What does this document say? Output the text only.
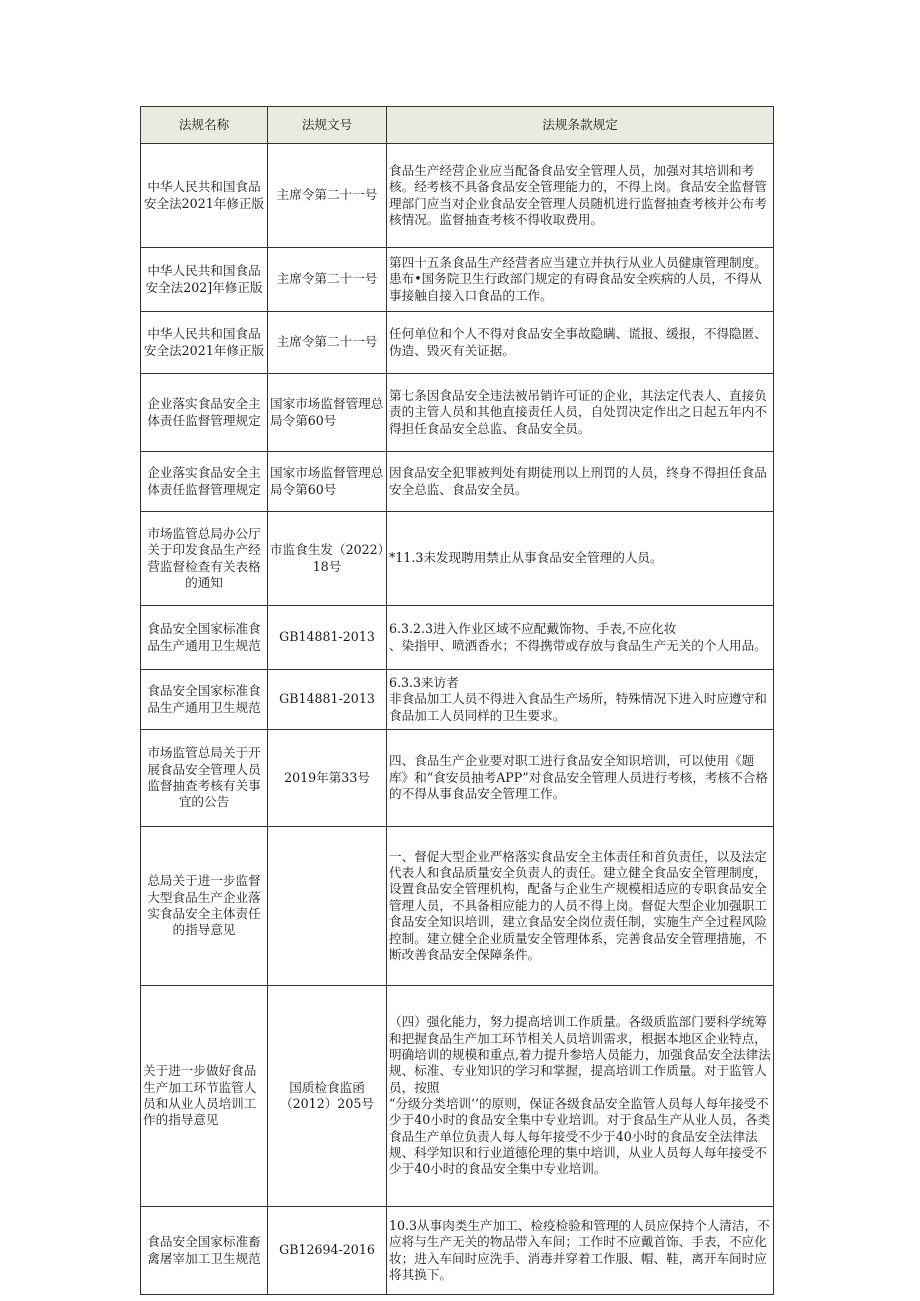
法规名称	法规文号	法规条款规定
中华人民共和国食品安全法2021年修正版	主席令第二十一号	食品生产经营企业应当配备食品安全管理人员，加强对其培训和考核。经考核不具备食品安全管理能力的，不得上岗。食品安全监督管理部门应当对企业食品安全管理人员随机进行监督抽查考核并公布考核情况。监督抽查考核不得收取费用。
中华人民共和国食品安全法202]年修正版	主席令第二十一号	第四十五条食品生产经营者应当建立并执行从业人员健康管理制度。患布•国务院卫生行政部门规定的有碍食品安全疾病的人员，不得从事接触自接入口食品的工作。
中华人民共和国食品安全法2021年修正版	主席令第二十一号	任何单位和个人不得对食品安全事故隐瞒、谎报、缓报，不得隐匿、伪造、毁灭有关证据。
企业落实食品安全主体责任监督管理规定	国家市场监督管理总局令第60号	第七条因食品安全违法被吊销许可证的企业，其法定代表人、直接负责的主管人员和其他直接责任人员，自处罚决定作出之日起五年内不得担任食品安全总监、食品安全员。
企业落实食品安全主体责任监督管理规定	国家市场监督管理总局令第60号	因食品安全犯罪被判处有期徒刑以上刑罚的人员，终身不得担任食品安全总监、食品安全员。
市场监管总局办公厅关于印发食品生产经营监督检查有关表格的通知	市监食生发（2022）18号	*11.3未发现聘用禁止从事食品安全管理的人员。
食品安全国家标准食品生产通用卫生规范	GB14881-2013	6.3.2.3进入作业区域不应配戴饰物、手表,不应化妆
、染指甲、喷洒香水；不得携带或存放与食品生产无关的个人用品。
食品安全国家标准食品生产通用卫生规范	GB14881-2013	6.3.3来访者
非食品加工人员不得进入食品生产场所，特殊情况下进入时应遵守和食品加工人员同样的卫生要求。
市场监管总局关于开展食品安全管理人员监督抽查考核有关事宜的公告	2019年第33号	四、食品生产企业要对职工进行食品安全知识培训，可以使用《题库》和“食安员抽考APP”对食品安全管理人员进行考核，考核不合格的不得从事食品安全管理工作。
总局关于进一步监督大型食品生产企业落实食品安全主体责任的指导意见		一、督促大型企业严格落实食品安全主体责任和首负责任，以及法定代表人和食品质量安全负责人的责任。建立健全食品安全管理制度，设置食品安全管理机构，配备与企业生产规模相适应的专职食品安全管理人员，不具备相应能力的人员不得上岗。督促大型企业加强职工食品安全知识培训，建立食品安全岗位责任制，实施生产全过程风险控制。建立健全企业质量安全管理体系，完善食品安全管理措施，不断改善食品安全保障条件。
关于进一步做好食品生产加工环节监管人员和从业人员培训工作的指导意见	国质检食监函（2012）205号	（四）强化能力，努力提高培训工作质量。各级质监部门要科学统筹和把握食品生产加工环节相关人员培训需求，根据本地区企业特点，明确培训的规模和重点,着力提升参培人员能力，加强食品安全法律法规、标准、专业知识的学习和掌握，提高培训工作质量。对于监管人员，按照
“分级分类培训’’的原则，保证各级食品安全监管人员每人每年接受不少于40小时的食品安全集中专业培训。对于食品生产从业人员，各类食品生产单位负责人每人每年接受不少于40小时的食品安全法律法规、科学知识和行业道德伦理的集中培训，从业人员每人每年接受不少于40小时的食品安全集中专业培训。
食品安全国家标准畜禽屠宰加工卫生规范	GB12694-2016	10.3从事肉类生产加工、检疫检验和管理的人员应保持个人清洁，不应将与生产无关的物品带入车间；工作时不应戴首饰、手表，不应化妆；进入车间时应洗手、消毒并穿着工作服、帽、鞋，离开车间时应将其换下。
